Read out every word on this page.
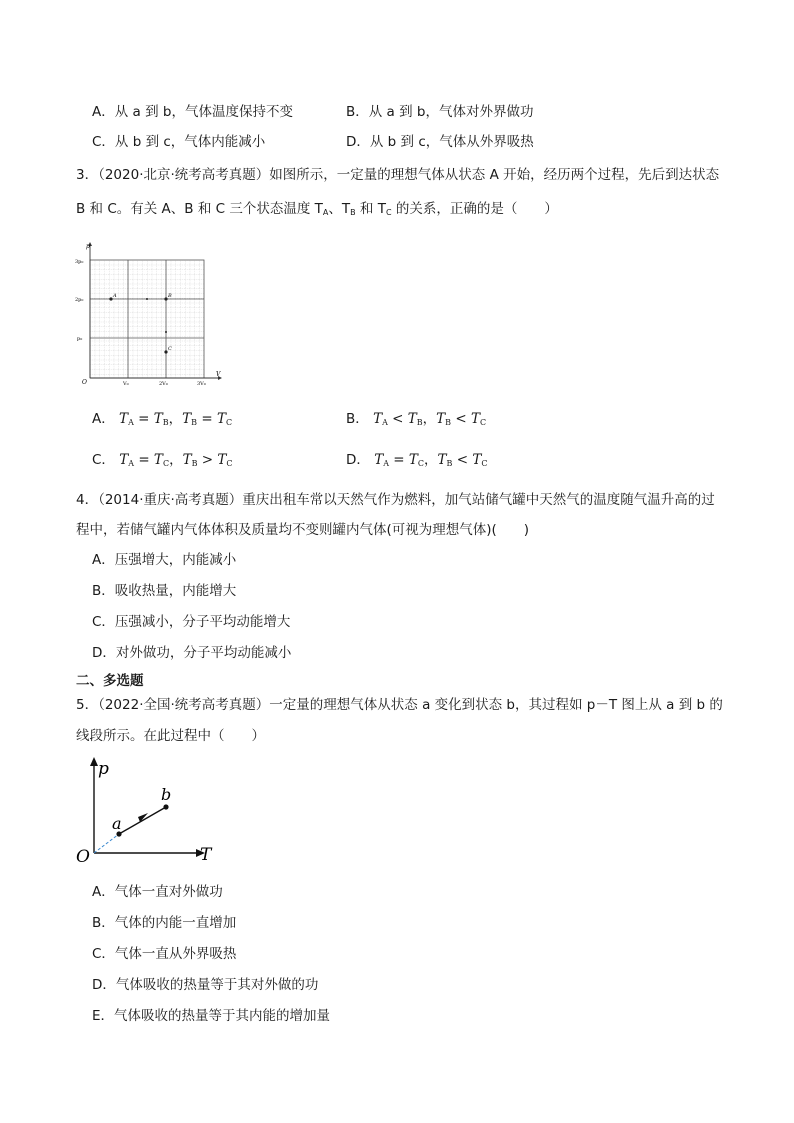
A．从 a 到 b，气体温度保持不变	B．从 a 到 b，气体对外界做功
C．从 b 到 c，气体内能减小	D．从 b 到 c，气体从外界吸热
3．（2020·北京·统考高考真题）如图所示，一定量的理想气体从状态 A 开始，经历两个过程，先后到达状态
B 和 C。有关 A、B 和 C 三个状态温度 $T_A$、$T_B$ 和 $T_C$ 的关系，正确的是（　　）
p
V
O
3p₀
2p₀
p₀
V₀	2V₀	3V₀
A	B
C
A． $T_A = T_B$，$T_B = T_C$	B． $T_A < T_B$，$T_B < T_C$
C． $T_A = T_C$，$T_B > T_C$	D． $T_A = T_C$，$T_B < T_C$
4．（2014·重庆·高考真题）重庆出租车常以天然气作为燃料，加气站储气罐中天然气的温度随气温升高的过
程中，若储气罐内气体体积及质量均不变则罐内气体(可视为理想气体)(　　)
A．压强增大，内能减小
B．吸收热量，内能增大
C．压强减小，分子平均动能增大
D．对外做功，分子平均动能减小
二、多选题
5．（2022·全国·统考高考真题）一定量的理想气体从状态 a 变化到状态 b，其过程如 p－T 图上从 a 到 b 的
线段所示。在此过程中（　　）
p
T
O
a
b
A．气体一直对外做功
B．气体的内能一直增加
C．气体一直从外界吸热
D．气体吸收的热量等于其对外做的功
E．气体吸收的热量等于其内能的增加量
